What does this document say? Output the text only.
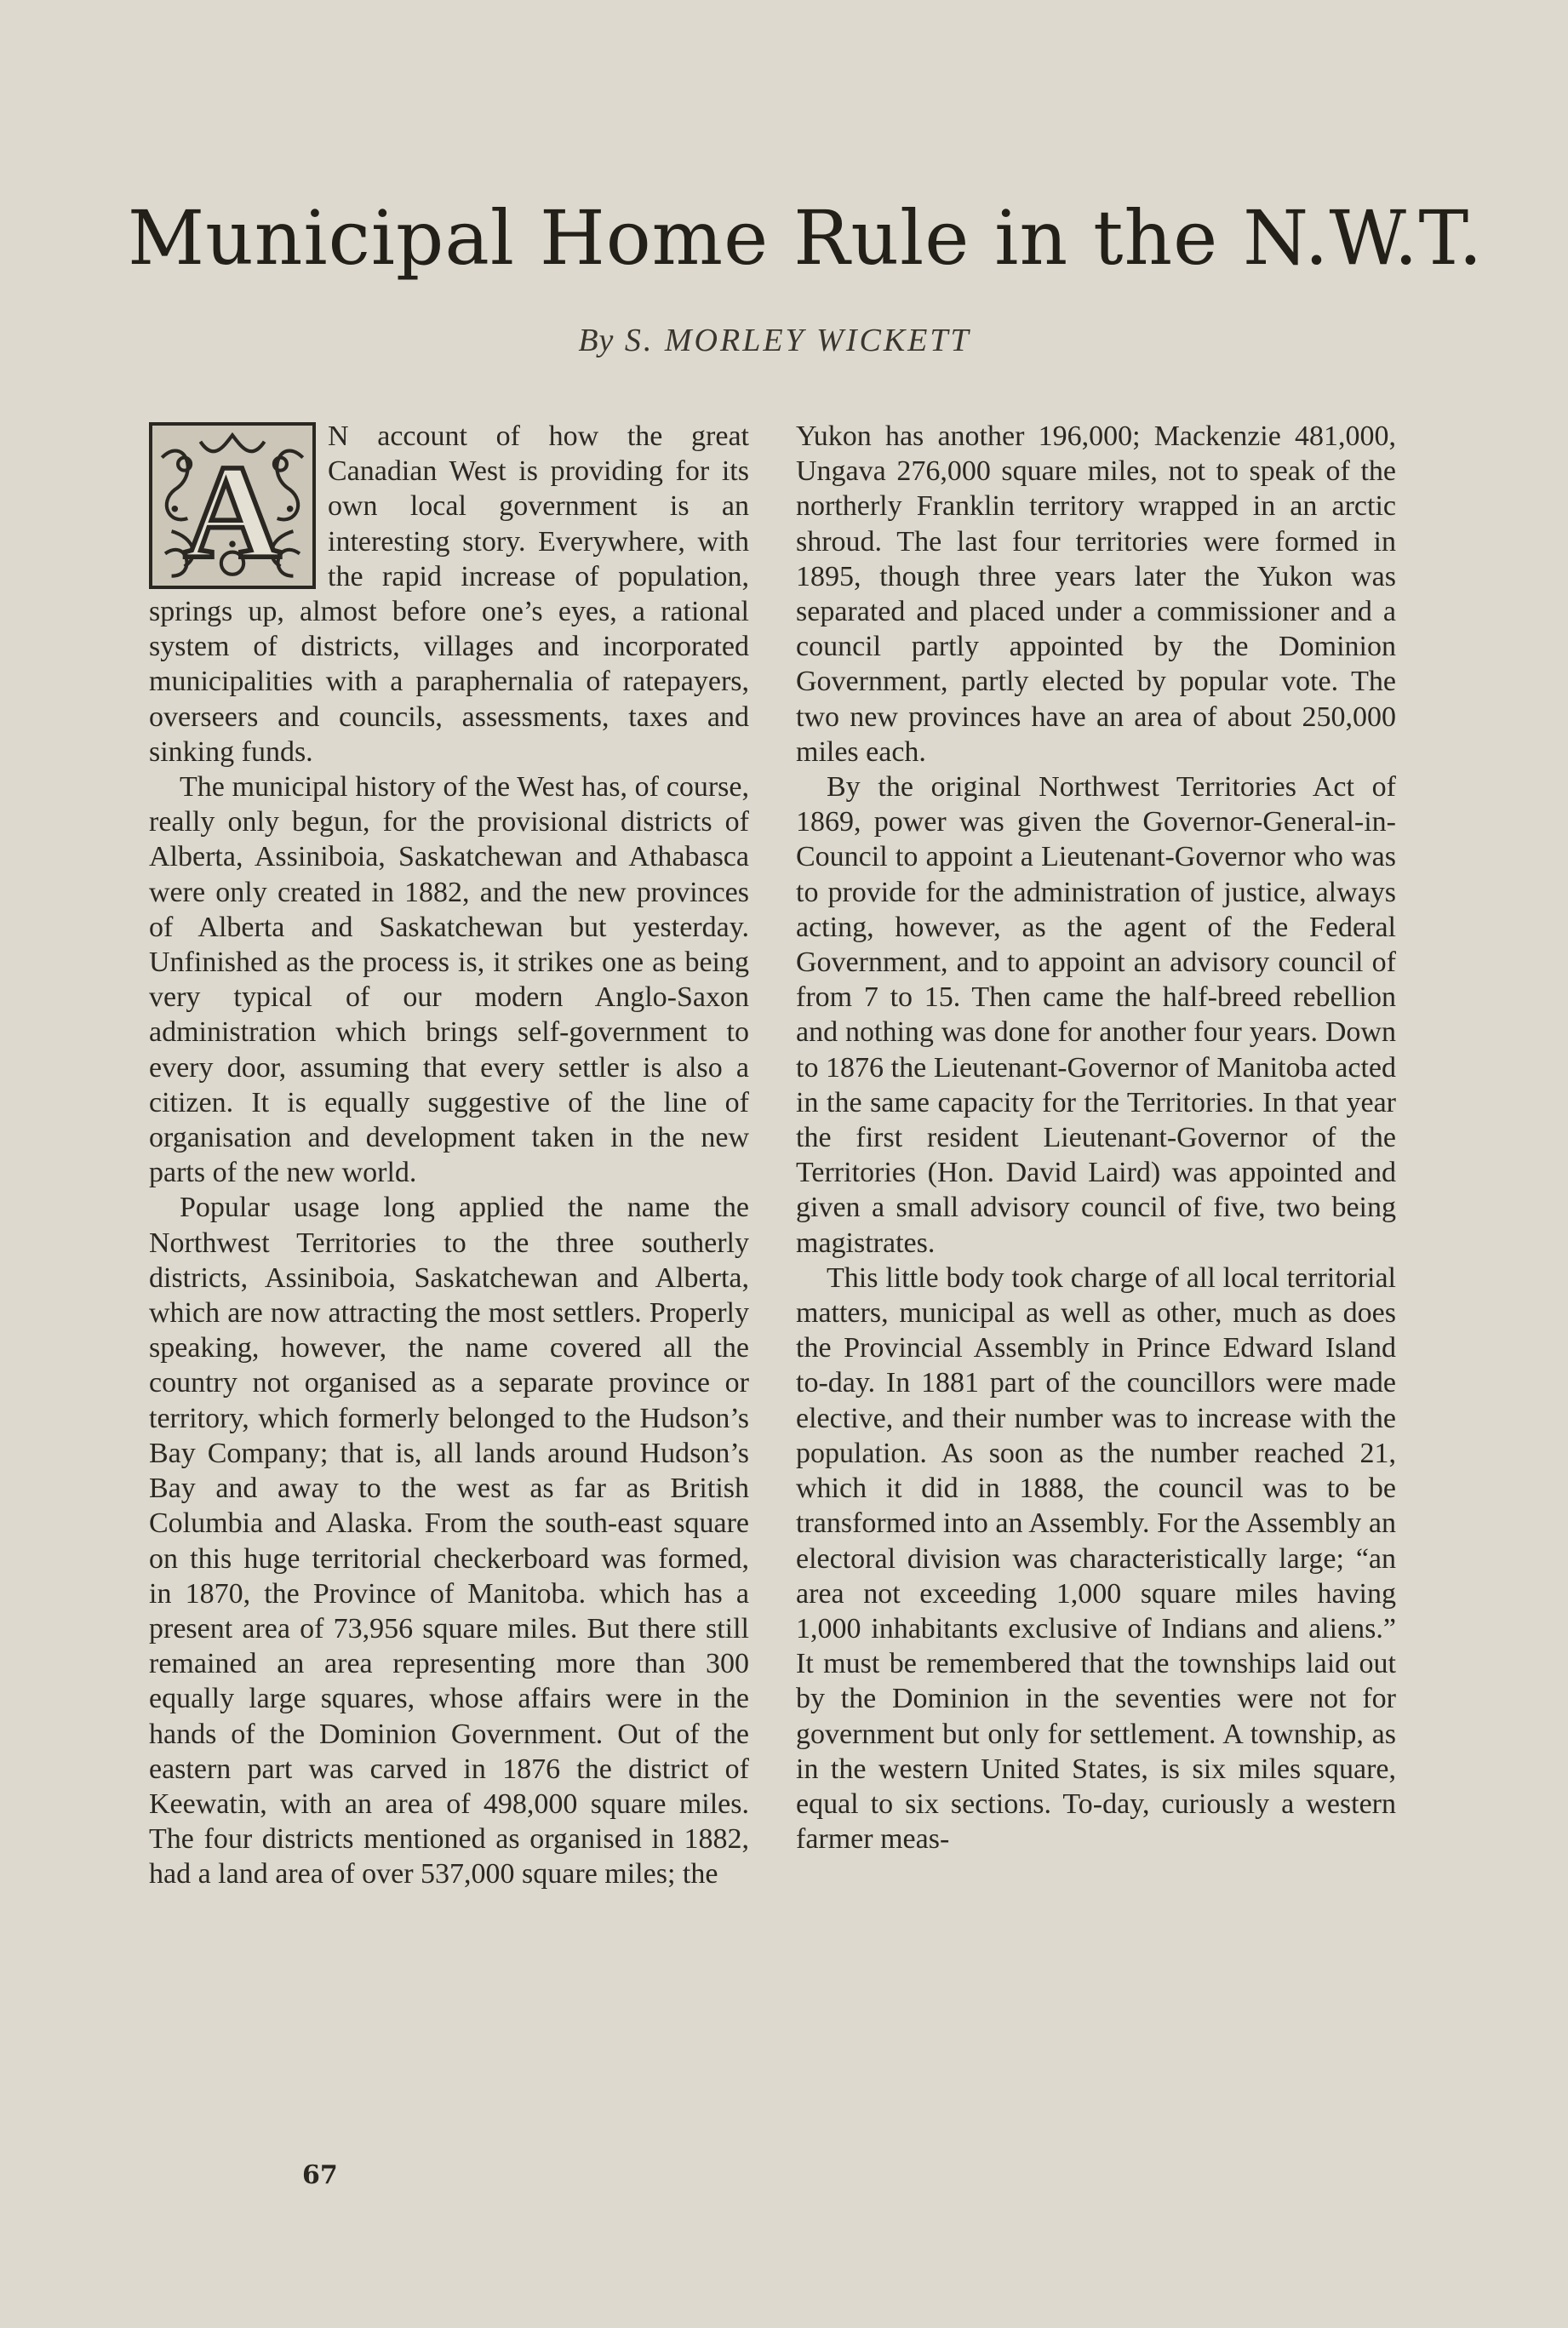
Municipal Home Rule in the N.W.T.
By S. MORLEY WICKETT
A

N account of how the great Canadian West is providing for its own local government is an interesting story. Everywhere, with the rapid increase of population, springs up, almost before one’s eyes, a rational system of districts, villages and incorporated municipalities with a paraphernalia of ratepayers, overseers and councils, assessments, taxes and sinking funds.

The municipal history of the West has, of course, really only begun, for the provisional districts of Alberta, Assiniboia, Saskatchewan and Athabasca were only created in 1882, and the new provinces of Alberta and Saskatchewan but yesterday. Unfinished as the process is, it strikes one as being very typical of our modern Anglo-Saxon administration which brings self-government to every door, assuming that every settler is also a citizen. It is equally suggestive of the line of organisation and development taken in the new parts of the new world.

Popular usage long applied the name the Northwest Territories to the three southerly districts, Assiniboia, Saskatchewan and Alberta, which are now attracting the most settlers. Properly speaking, however, the name covered all the country not organised as a separate province or territory, which formerly belonged to the Hudson’s Bay Company; that is, all lands around Hudson’s Bay and away to the west as far as British Columbia and Alaska. From the south-east square on this huge territorial checkerboard was formed, in 1870, the Province of Manitoba. which has a present area of 73,956 square miles. But there still remained an area representing more than 300 equally large squares, whose affairs were in the hands of the Dominion Government. Out of the eastern part was carved in 1876 the district of Keewatin, with an area of 498,000 square miles. The four districts mentioned as organised in 1882, had a land area of over 537,000 square miles; the

Yukon has another 196,000; Mackenzie 481,000, Ungava 276,000 square miles, not to speak of the northerly Franklin territory wrapped in an arctic shroud. The last four territories were formed in 1895, though three years later the Yukon was separated and placed under a commissioner and a council partly appointed by the Dominion Government, partly elected by popular vote. The two new provinces have an area of about 250,000 miles each.

By the original Northwest Territories Act of 1869, power was given the Governor-General-in-Council to appoint a Lieutenant-Governor who was to provide for the administration of justice, always acting, however, as the agent of the Federal Government, and to appoint an advisory council of from 7 to 15. Then came the half-breed rebellion and nothing was done for another four years. Down to 1876 the Lieutenant-Governor of Manitoba acted in the same capacity for the Territories. In that year the first resident Lieutenant-Governor of the Territories (Hon. David Laird) was appointed and given a small advisory council of five, two being magistrates.

This little body took charge of all local territorial matters, municipal as well as other, much as does the Provincial Assembly in Prince Edward Island to-day. In 1881 part of the councillors were made elective, and their number was to increase with the population. As soon as the number reached 21, which it did in 1888, the council was to be transformed into an Assembly. For the Assembly an electoral division was characteristically large; “an area not exceeding 1,000 square miles having 1,000 inhabitants exclusive of Indians and aliens.” It must be remembered that the townships laid out by the Dominion in the seventies were not for government but only for settlement. A township, as in the western United States, is six miles square, equal to six sections. To-day, curiously a western farmer meas-

67
